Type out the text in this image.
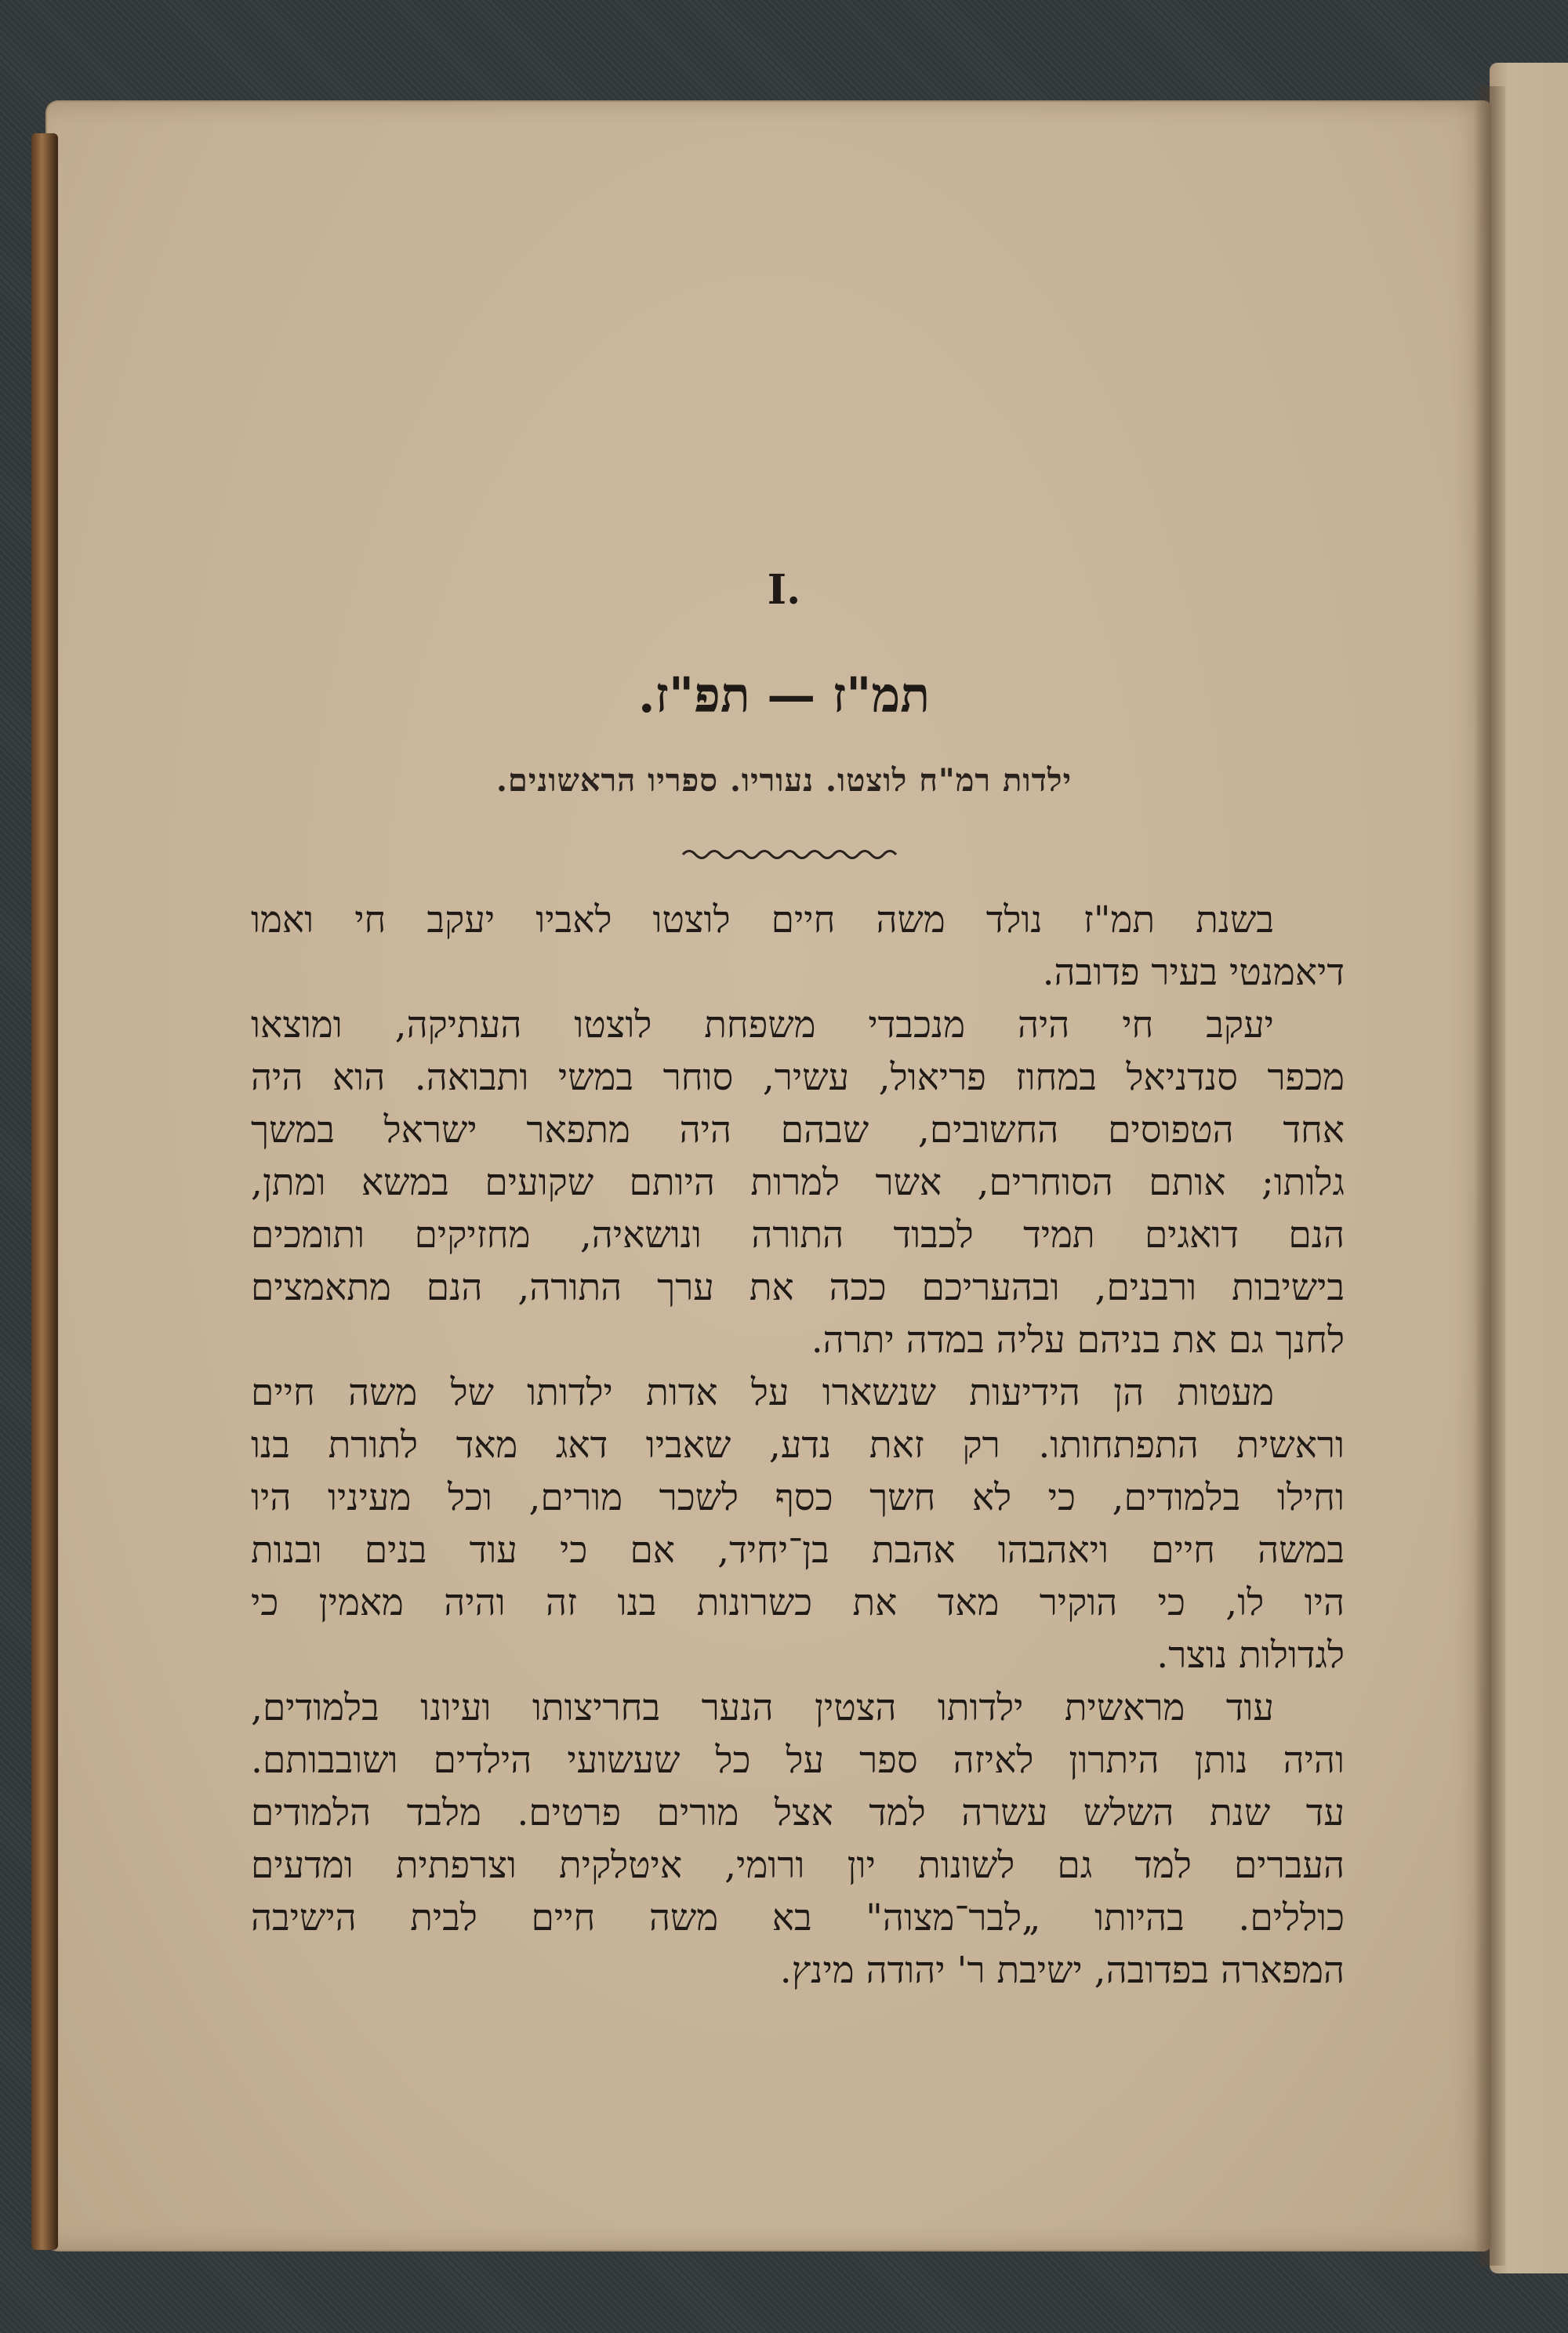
I.
תמ"ז — תפ"ז.
ילדות רמ"ח לוצטו. נעוריו. ספריו הראשונים.
בשנת תמ"ז נולד משה חיים לוצטו לאביו יעקב חי ואמו
דיאמנטי בעיר פדובה.
יעקב חי היה מנכבדי משפחת לוצטו העתיקה, ומוצאו
מכפר סנדניאל במחוז פריאול, עשיר, סוחר במשי ותבואה. הוא היה
אחד הטפוסים החשובים, שבהם היה מתפאר ישראל במשך
גלותו; אותם הסוחרים, אשר למרות היותם שקועים במשא ומתן,
הנם דואגים תמיד לכבוד התורה ונושאיה, מחזיקים ותומכים
בישיבות ורבנים, ובהעריכם ככה את ערך התורה, הנם מתאמצים
לחנך גם את בניהם עליה במדה יתרה.
מעטות הן הידיעות שנשארו על אדות ילדותו של משה חיים
וראשית התפתחותו. רק זאת נדע, שאביו דאג מאד לתורת בנו
וחילו בלמודים, כי לא חשך כסף לשכר מורים, וכל מעיניו היו
במשה חיים ויאהבהו אהבת בן־יחיד, אם כי עוד בנים ובנות
היו לו, כי הוקיר מאד את כשרונות בנו זה והיה מאמין כי
לגדולות נוצר.
עוד מראשית ילדותו הצטין הנער בחריצותו ועיונו בלמודים,
והיה נותן היתרון לאיזה ספר על כל שעשועי הילדים ושובבותם.
עד שנת השלש עשרה למד אצל מורים פרטים. מלבד הלמודים
העברים למד גם לשונות יון ורומי, איטלקית וצרפתית ומדעים
כוללים. בהיותו „לבר־מצוה" בא משה חיים לבית הישיבה
המפארה בפדובה, ישיבת ר' יהודה מינץ.
